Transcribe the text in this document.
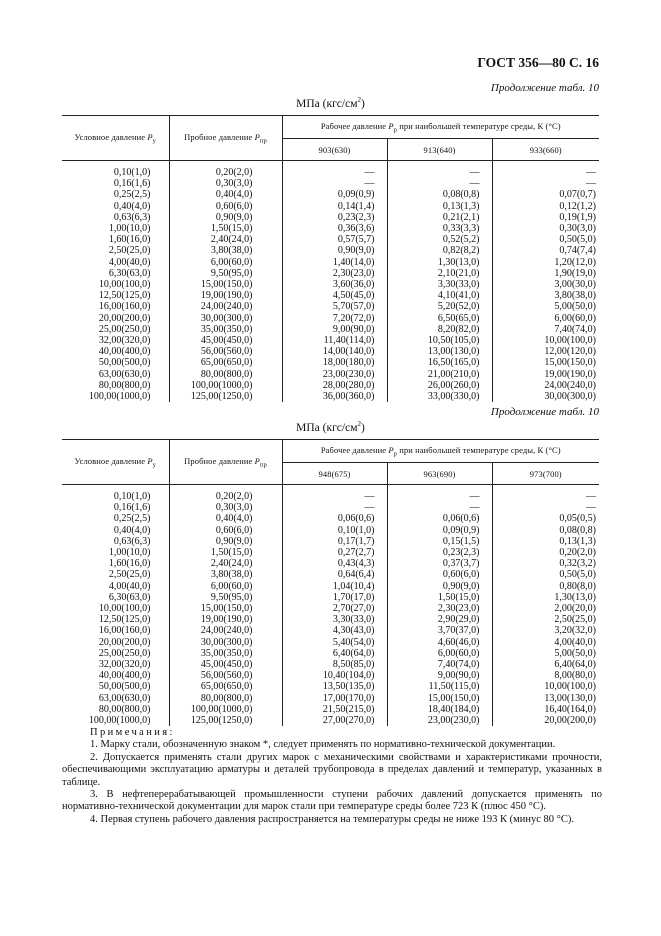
ГОСТ 356—80 С. 16
Продолжение табл. 10
МПа $(кгс/см^2)$
Условное давление $P_у$	Пробное давление $P_{пр}$	Рабочее давление $P_р$ при наибольшей температуре среды, К (°С)		
		903(630)	913(640)	933(660)
0,10(1,0)	0,20(2,0)	—	—	—
0,16(1,6)	0,30(3,0)	—	—	—
0,25(2,5)	0,40(4,0)	0,09(0,9)	0,08(0,8)	0,07(0,7)
0,40(4,0)	0,60(6,0)	0,14(1,4)	0,13(1,3)	0,12(1,2)
0,63(6,3)	0,90(9,0)	0,23(2,3)	0,21(2,1)	0,19(1,9)
1,00(10,0)	1,50(15,0)	0,36(3,6)	0,33(3,3)	0,30(3,0)
1,60(16,0)	2,40(24,0)	0,57(5,7)	0,52(5,2)	0,50(5,0)
2,50(25,0)	3,80(38,0)	0,90(9,0)	0,82(8,2)	0,74(7,4)
4,00(40,0)	6,00(60,0)	1,40(14,0)	1,30(13,0)	1,20(12,0)
6,30(63,0)	9,50(95,0)	2,30(23,0)	2,10(21,0)	1,90(19,0)
10,00(100,0)	15,00(150,0)	3,60(36,0)	3,30(33,0)	3,00(30,0)
12,50(125,0)	19,00(190,0)	4,50(45,0)	4,10(41,0)	3,80(38,0)
16,00(160,0)	24,00(240,0)	5,70(57,0)	5,20(52,0)	5,00(50,0)
20,00(200,0)	30,00(300,0)	7,20(72,0)	6,50(65,0)	6,00(60,0)
25,00(250,0)	35,00(350,0)	9,00(90,0)	8,20(82,0)	7,40(74,0)
32,00(320,0)	45,00(450,0)	11,40(114,0)	10,50(105,0)	10,00(100,0)
40,00(400,0)	56,00(560,0)	14,00(140,0)	13,00(130,0)	12,00(120,0)
50,00(500,0)	65,00(650,0)	18,00(180,0)	16,50(165,0)	15,00(150,0)
63,00(630,0)	80,00(800,0)	23,00(230,0)	21,00(210,0)	19,00(190,0)
80,00(800,0)	100,00(1000,0)	28,00(280,0)	26,00(260,0)	24,00(240,0)
100,00(1000,0)	125,00(1250,0)	36,00(360,0)	33,00(330,0)	30,00(300,0)
Продолжение табл. 10
МПа $(кгс/см^2)$
Условное давление $P_у$	Пробное давление $P_{пр}$	Рабочее давление $P_р$ при наибольшей температуре среды, К (°С)		
		948(675)	963(690)	973(700)
0,10(1,0)	0,20(2,0)	—	—	—
0,16(1,6)	0,30(3,0)	—	—	—
0,25(2,5)	0,40(4,0)	0,06(0,6)	0,06(0,6)	0,05(0,5)
0,40(4,0)	0,60(6,0)	0,10(1,0)	0,09(0,9)	0,08(0,8)
0,63(6,3)	0,90(9,0)	0,17(1,7)	0,15(1,5)	0,13(1,3)
1,00(10,0)	1,50(15,0)	0,27(2,7)	0,23(2,3)	0,20(2,0)
1,60(16,0)	2,40(24,0)	0,43(4,3)	0,37(3,7)	0,32(3,2)
2,50(25,0)	3,80(38,0)	0,64(6,4)	0,60(6,0)	0,50(5,0)
4,00(40,0)	6,00(60,0)	1,04(10,4)	0,90(9,0)	0,80(8,0)
6,30(63,0)	9,50(95,0)	1,70(17,0)	1,50(15,0)	1,30(13,0)
10,00(100,0)	15,00(150,0)	2,70(27,0)	2,30(23,0)	2,00(20,0)
12,50(125,0)	19,00(190,0)	3,30(33,0)	2,90(29,0)	2,50(25,0)
16,00(160,0)	24,00(240,0)	4,30(43,0)	3,70(37,0)	3,20(32,0)
20,00(200,0)	30,00(300,0)	5,40(54,0)	4,60(46,0)	4,00(40,0)
25,00(250,0)	35,00(350,0)	6,40(64,0)	6,00(60,0)	5,00(50,0)
32,00(320,0)	45,00(450,0)	8,50(85,0)	7,40(74,0)	6,40(64,0)
40,00(400,0)	56,00(560,0)	10,40(104,0)	9,00(90,0)	8,00(80,0)
50,00(500,0)	65,00(650,0)	13,50(135,0)	11,50(115,0)	10,00(100,0)
63,00(630,0)	80,00(800,0)	17,00(170,0)	15,00(150,0)	13,00(130,0)
80,00(800,0)	100,00(1000,0)	21,50(215,0)	18,40(184,0)	16,40(164,0)
100,00(1000,0)	125,00(1250,0)	27,00(270,0)	23,00(230,0)	20,00(200,0)
Примечания:

1. Марку стали, обозначенную знаком *, следует применять по нормативно-технической документации.

2. Допускается применять стали других марок с механическими свойствами и характеристиками прочности, обеспечивающими эксплуатацию арматуры и деталей трубопровода в пределах давлений и температур, указанных в таблице.

3. В нефтеперерабатывающей промышленности ступени рабочих давлений допускается применять по нормативно-технической документации для марок стали при температуре среды более 723 К (плюс 450 °С).

4. Первая ступень рабочего давления распространяется на температуры среды не ниже 193 К (минус 80 °С).
